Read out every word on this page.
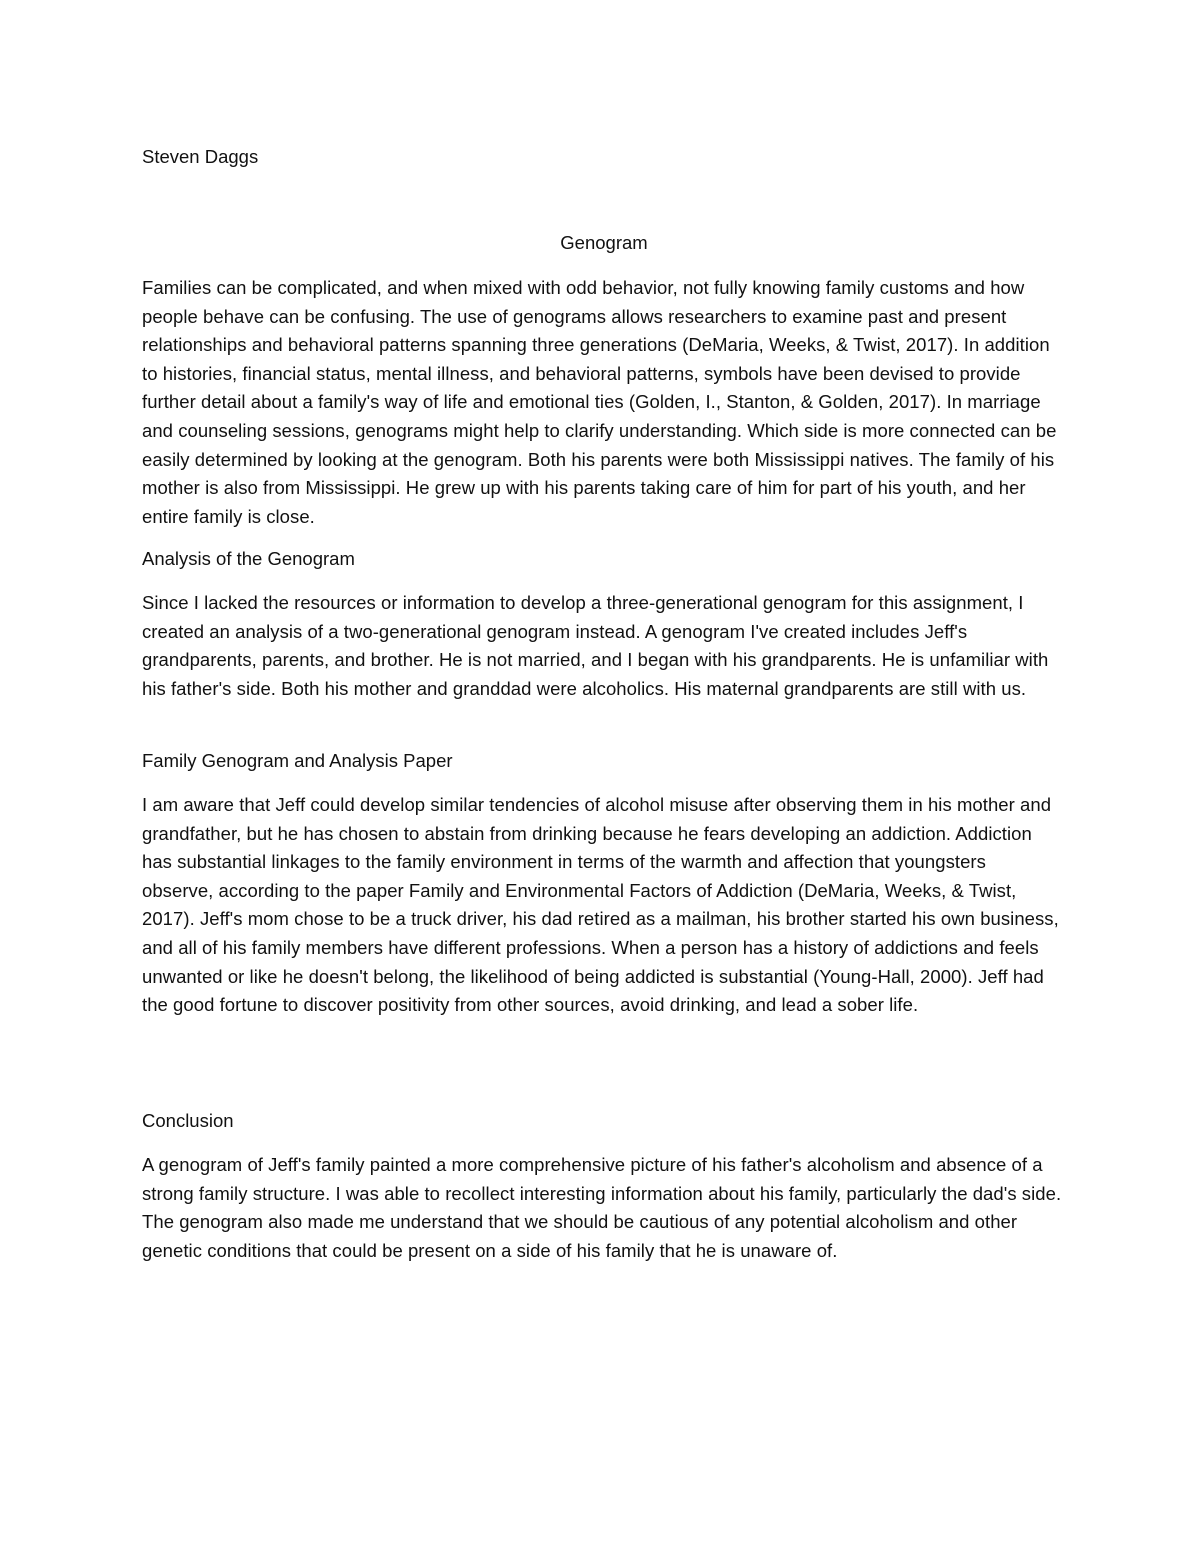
Steven Daggs
Genogram
Families can be complicated, and when mixed with odd behavior, not fully knowing family customs and how people behave can be confusing. The use of genograms allows researchers to examine past and present relationships and behavioral patterns spanning three generations (DeMaria, Weeks, & Twist, 2017). In addition to histories, financial status, mental illness, and behavioral patterns, symbols have been devised to provide further detail about a family's way of life and emotional ties (Golden, I., Stanton, & Golden, 2017). In marriage and counseling sessions, genograms might help to clarify understanding. Which side is more connected can be easily determined by looking at the genogram. Both his parents were both Mississippi natives. The family of his mother is also from Mississippi. He grew up with his parents taking care of him for part of his youth, and her entire family is close.
Analysis of the Genogram
Since I lacked the resources or information to develop a three-generational genogram for this assignment, I created an analysis of a two-generational genogram instead. A genogram I've created includes Jeff's grandparents, parents, and brother. He is not married, and I began with his grandparents. He is unfamiliar with his father's side. Both his mother and granddad were alcoholics. His maternal grandparents are still with us.
Family Genogram and Analysis Paper
I am aware that Jeff could develop similar tendencies of alcohol misuse after observing them in his mother and grandfather, but he has chosen to abstain from drinking because he fears developing an addiction. Addiction has substantial linkages to the family environment in terms of the warmth and affection that youngsters observe, according to the paper Family and Environmental Factors of Addiction (DeMaria, Weeks, & Twist, 2017). Jeff's mom chose to be a truck driver, his dad retired as a mailman, his brother started his own business, and all of his family members have different professions. When a person has a history of addictions and feels unwanted or like he doesn't belong, the likelihood of being addicted is substantial (Young-Hall, 2000). Jeff had the good fortune to discover positivity from other sources, avoid drinking, and lead a sober life.
Conclusion
A genogram of Jeff's family painted a more comprehensive picture of his father's alcoholism and absence of a strong family structure. I was able to recollect interesting information about his family, particularly the dad's side. The genogram also made me understand that we should be cautious of any potential alcoholism and other genetic conditions that could be present on a side of his family that he is unaware of.
